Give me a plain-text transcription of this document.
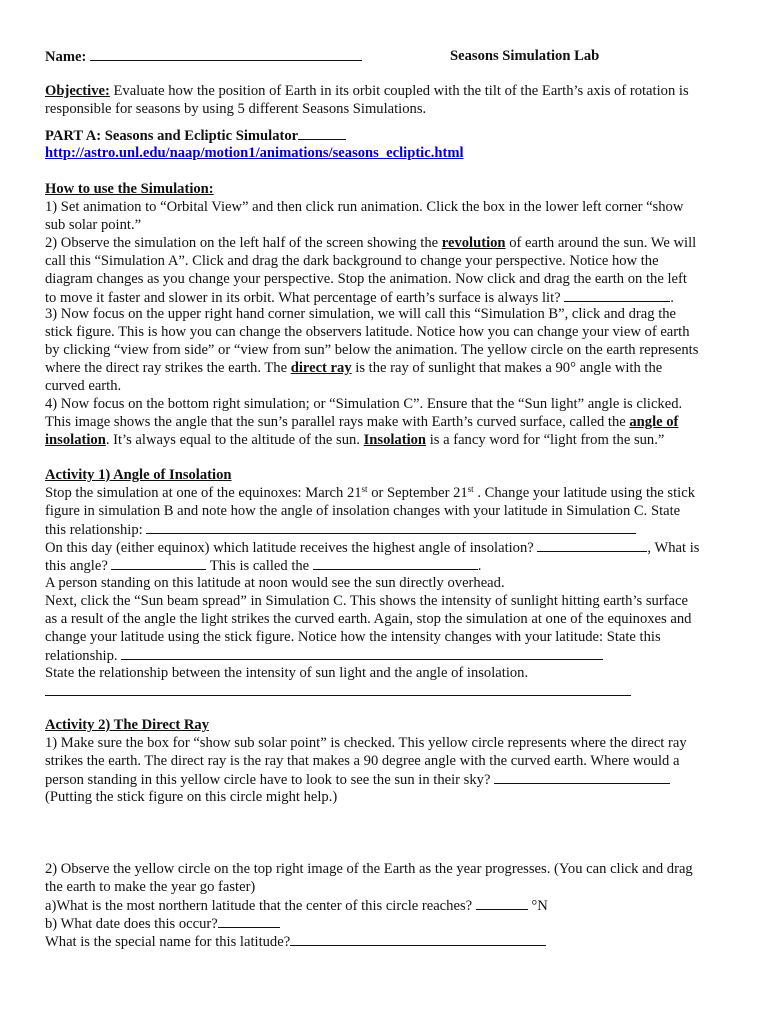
Name:	Seasons Simulation Lab
Objective: Evaluate how the position of Earth in its orbit coupled with the tilt of the Earth’s axis of rotation is
responsible for seasons by using 5 different Seasons Simulations.
PART A: Seasons and Ecliptic Simulator
http://astro.unl.edu/naap/motion1/animations/seasons_ecliptic.html
How to use the Simulation:
1) Set animation to “Orbital View” and then click run animation. Click the box in the lower left corner “show
sub solar point.”
2) Observe the simulation on the left half of the screen showing the revolution of earth around the sun. We will
call this “Simulation A”. Click and drag the dark background to change your perspective. Notice how the
diagram changes as you change your perspective. Stop the animation. Now click and drag the earth on the left
to move it faster and slower in its orbit. What percentage of earth’s surface is always lit?	.
3) Now focus on the upper right hand corner simulation, we will call this “Simulation B”, click and drag the
stick figure. This is how you can change the observers latitude. Notice how you can change your view of earth
by clicking “view from side” or “view from sun” below the animation. The yellow circle on the earth represents
where the direct ray strikes the earth. The direct ray is the ray of sunlight that makes a 90° angle with the
curved earth.
4) Now focus on the bottom right simulation; or “Simulation C”. Ensure that the “Sun light” angle is clicked.
This image shows the angle that the sun’s parallel rays make with Earth’s curved surface, called the angle of
insolation. It’s always equal to the altitude of the sun. Insolation is a fancy word for “light from the sun.”
Activity 1) Angle of Insolation
Stop the simulation at one of the equinoxes: March 21st or September 21st . Change your latitude using the stick
figure in simulation B and note how the angle of insolation changes with your latitude in Simulation C. State
this relationship:
On this day (either equinox) which latitude receives the highest angle of insolation?	, What is
this angle?	This is called the	.
A person standing on this latitude at noon would see the sun directly overhead.
Next, click the “Sun beam spread” in Simulation C. This shows the intensity of sunlight hitting earth’s surface
as a result of the angle the light strikes the curved earth. Again, stop the simulation at one of the equinoxes and
change your latitude using the stick figure. Notice how the intensity changes with your latitude: State this
relationship.
State the relationship between the intensity of sun light and the angle of insolation.
Activity 2) The Direct Ray
1) Make sure the box for “show sub solar point” is checked. This yellow circle represents where the direct ray
strikes the earth. The direct ray is the ray that makes a 90 degree angle with the curved earth. Where would a
person standing in this yellow circle have to look to see the sun in their sky?
(Putting the stick figure on this circle might help.)
2) Observe the yellow circle on the top right image of the Earth as the year progresses. (You can click and drag
the earth to make the year go faster)
a)What is the most northern latitude that the center of this circle reaches?	°N
b) What date does this occur?
What is the special name for this latitude?
